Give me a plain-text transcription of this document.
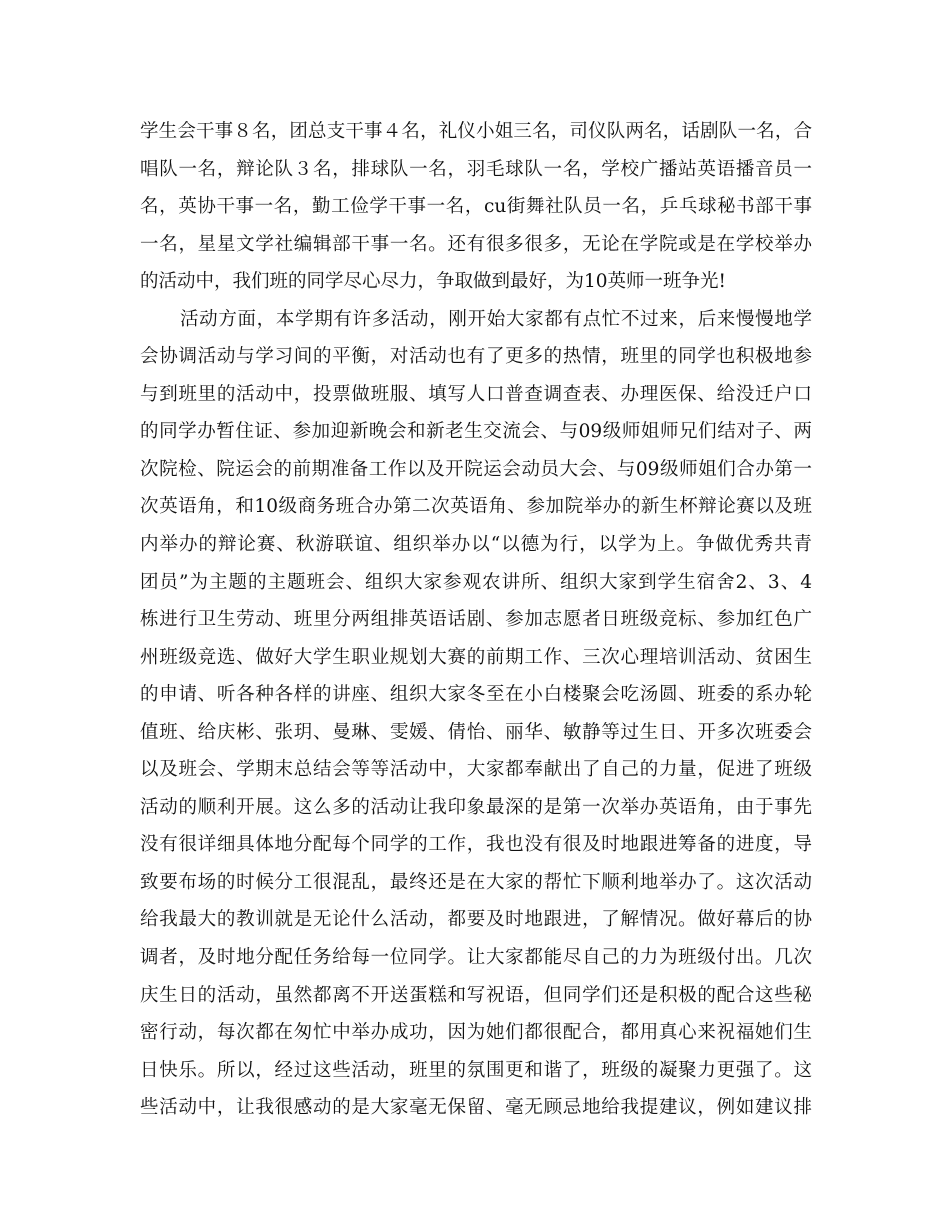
学生会干事８名，团总支干事４名，礼仪小姐三名，司仪队两名，话剧队一名，合
唱队一名，辩论队３名，排球队一名，羽毛球队一名，学校广播站英语播音员一
名，英协干事一名，勤工俭学干事一名，cu街舞社队员一名，乒乓球秘书部干事
一名，星星文学社编辑部干事一名。还有很多很多，无论在学院或是在学校举办
的活动中，我们班的同学尽心尽力，争取做到最好，为10英师一班争光!
活动方面，本学期有许多活动，刚开始大家都有点忙不过来，后来慢慢地学
会协调活动与学习间的平衡，对活动也有了更多的热情，班里的同学也积极地参
与到班里的活动中，投票做班服、填写人口普查调查表、办理医保、给没迁户口
的同学办暂住证、参加迎新晚会和新老生交流会、与09级师姐师兄们结对子、两
次院检、院运会的前期准备工作以及开院运会动员大会、与09级师姐们合办第一
次英语角，和10级商务班合办第二次英语角、参加院举办的新生杯辩论赛以及班
内举办的辩论赛、秋游联谊、组织举办以“以德为行，以学为上。争做优秀共青
团员”为主题的主题班会、组织大家参观农讲所、组织大家到学生宿舍2、3、4
栋进行卫生劳动、班里分两组排英语话剧、参加志愿者日班级竞标、参加红色广
州班级竞选、做好大学生职业规划大赛的前期工作、三次心理培训活动、贫困生
的申请、听各种各样的讲座、组织大家冬至在小白楼聚会吃汤圆、班委的系办轮
值班、给庆彬、张玥、曼琳、雯媛、倩怡、丽华、敏静等过生日、开多次班委会
以及班会、学期末总结会等等活动中，大家都奉献出了自己的力量，促进了班级
活动的顺利开展。这么多的活动让我印象最深的是第一次举办英语角，由于事先
没有很详细具体地分配每个同学的工作，我也没有很及时地跟进筹备的进度，导
致要布场的时候分工很混乱，最终还是在大家的帮忙下顺利地举办了。这次活动
给我最大的教训就是无论什么活动，都要及时地跟进，了解情况。做好幕后的协
调者，及时地分配任务给每一位同学。让大家都能尽自己的力为班级付出。几次
庆生日的活动，虽然都离不开送蛋糕和写祝语，但同学们还是积极的配合这些秘
密行动，每次都在匆忙中举办成功，因为她们都很配合，都用真心来祝福她们生
日快乐。所以，经过这些活动，班里的氛围更和谐了，班级的凝聚力更强了。这
些活动中，让我很感动的是大家毫无保留、毫无顾忌地给我提建议，例如建议排
